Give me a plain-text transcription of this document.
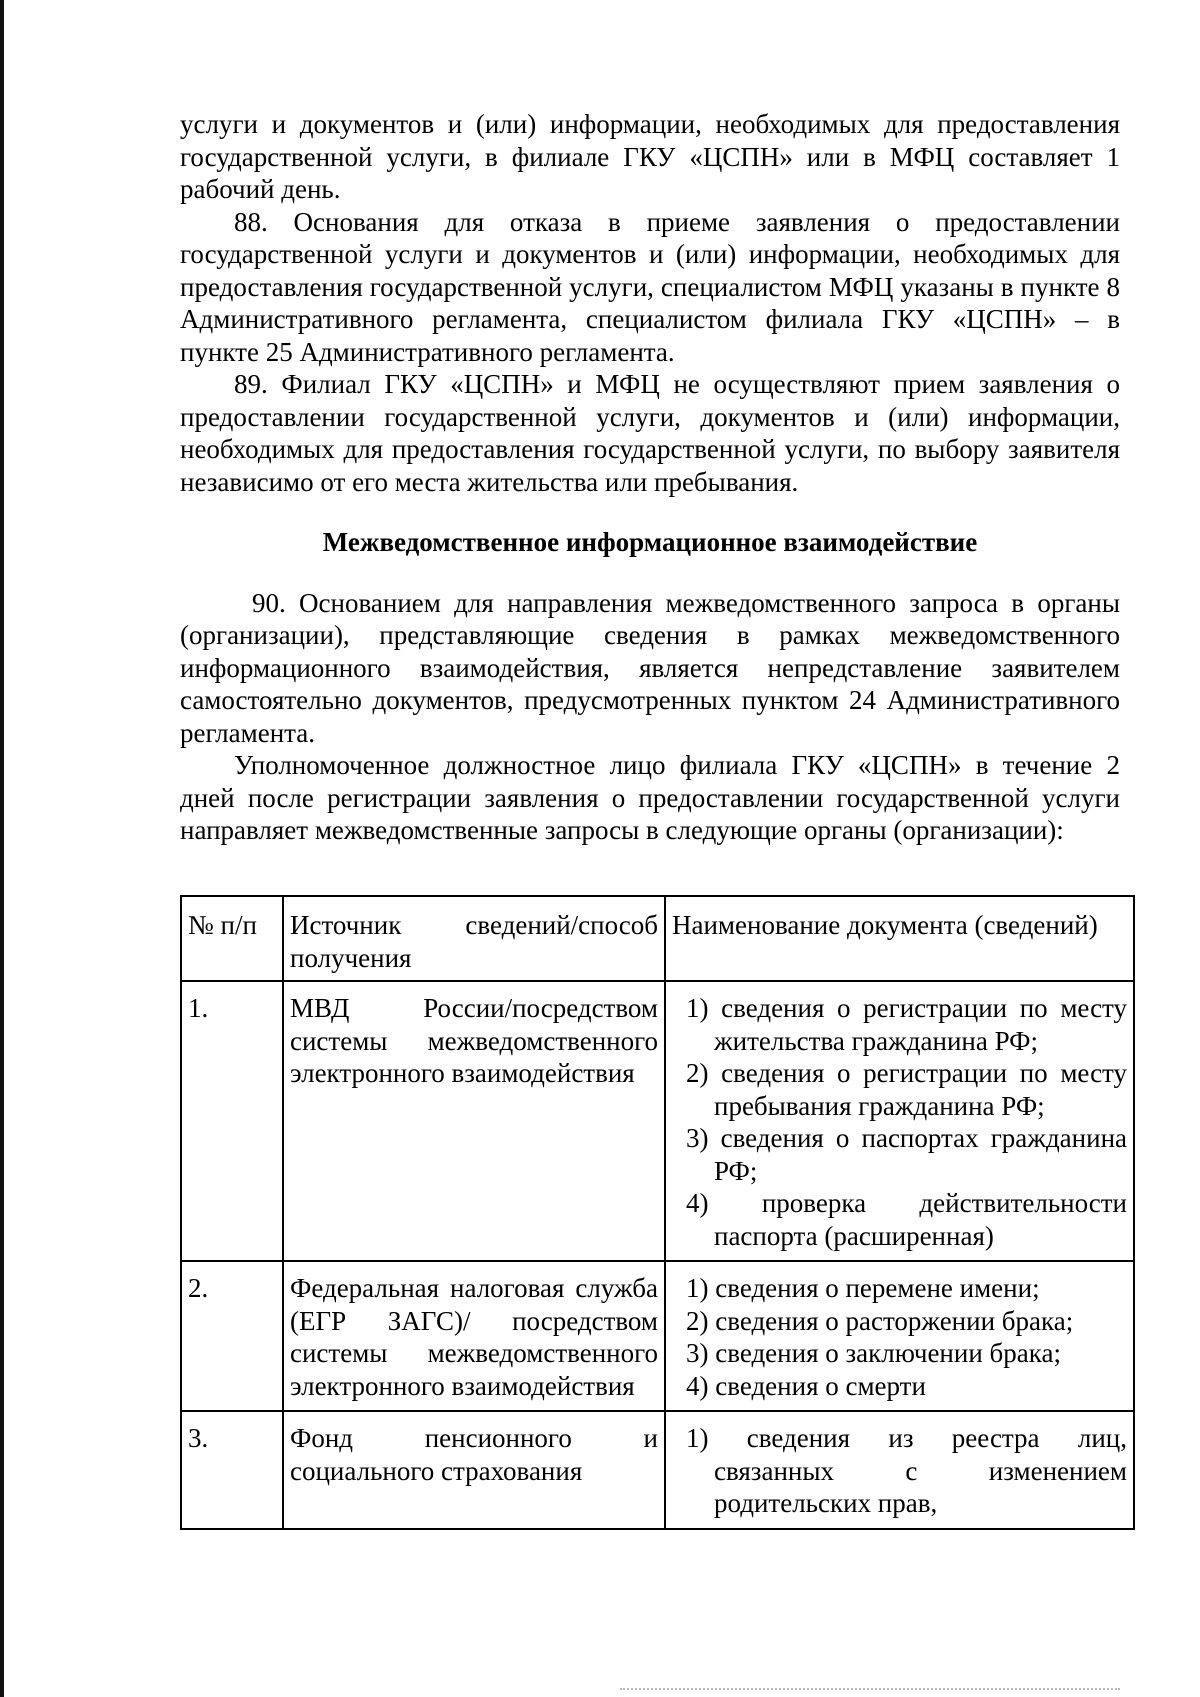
услуги и документов и (или) информации, необходимых для предоставления государственной услуги, в филиале ГКУ «ЦСПН» или в МФЦ составляет 1 рабочий день.

88. Основания для отказа в приеме заявления о предоставлении государственной услуги и документов и (или) информации, необходимых для предоставления государственной услуги, специалистом МФЦ указаны в пункте 8 Административного регламента, специалистом филиала ГКУ «ЦСПН» – в пункте 25 Административного регламента.

89. Филиал ГКУ «ЦСПН» и МФЦ не осуществляют прием заявления о предоставлении государственной услуги, документов и (или) информации, необходимых для предоставления государственной услуги, по выбору заявителя независимо от его места жительства или пребывания.

Межведомственное информационное взаимодействие

90. Основанием для направления межведомственного запроса в органы (организации), представляющие сведения в рамках межведомственного информационного взаимодействия, является непредставление заявителем самостоятельно документов, предусмотренных пунктом 24 Административного регламента.

Уполномоченное должностное лицо филиала ГКУ «ЦСПН» в течение 2 дней после регистрации заявления о предоставлении государственной услуги направляет межведомственные запросы в следующие органы (организации):

№ п/п	Источник сведений/способ получения	Наименование документа (сведений)
1.	МВД России/посредством системы межведомственного электронного взаимодействия	1) сведения о регистрации по месту жительства гражданина РФ;
2) сведения о регистрации по месту пребывания гражданина РФ;
3) сведения о паспортах гражданина РФ;
4) проверка действительности паспорта (расширенная)

2.	Федеральная налоговая служба (ЕГР ЗАГС)/ посредством системы межведомственного электронного взаимодействия	1) сведения о перемене имени;
2) сведения о расторжении брака;
3) сведения о заключении брака;
4) сведения о смерти

3.	Фонд пенсионного и социального страхования	1) сведения из реестра лиц, связанных с изменением родительских прав,
